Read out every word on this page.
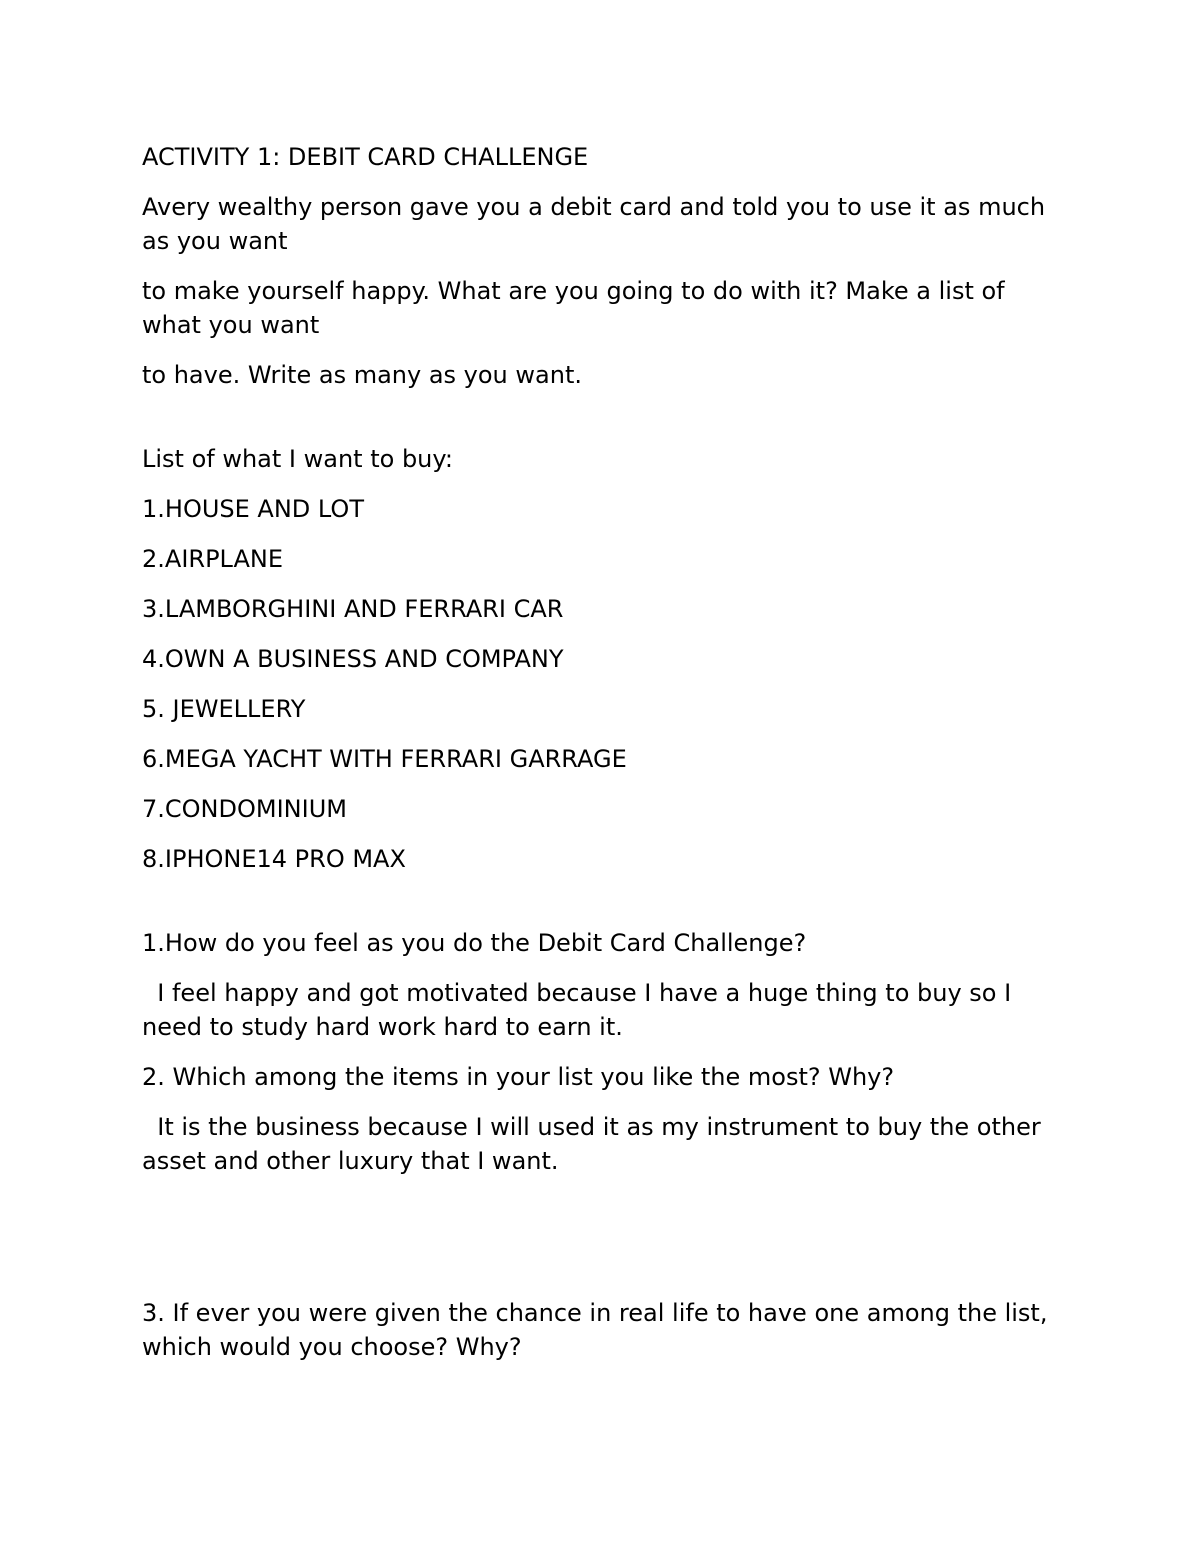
ACTIVITY 1: DEBIT CARD CHALLENGE

Avery wealthy person gave you a debit card and told you to use it as much as you want

to make yourself happy. What are you going to do with it? Make a list of what you want

to have. Write as many as you want.

List of what I want to buy:

1.HOUSE AND LOT

2.AIRPLANE

3.LAMBORGHINI AND FERRARI CAR

4.OWN A BUSINESS AND COMPANY

5. JEWELLERY

6.MEGA YACHT WITH FERRARI GARRAGE

7.CONDOMINIUM

8.IPHONE14 PRO MAX

1.How do you feel as you do the Debit Card Challenge?

I feel happy and got motivated because I have a huge thing to buy so I need to study hard work hard to earn it.

2. Which among the items in your list you like the most? Why?

It is the business because I will used it as my instrument to buy the other asset and other luxury that I want.

3. If ever you were given the chance in real life to have one among the list, which would you choose? Why?
